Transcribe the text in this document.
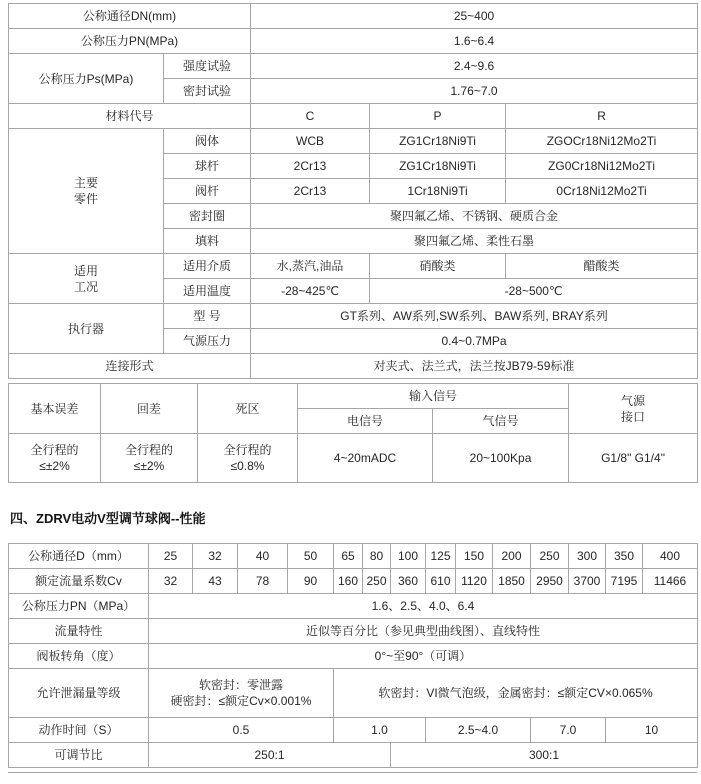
公称通径DN(mm)		25~400		
公称压力PN(MPa)		1.6~6.4		
公称压力Ps(MPa)	强度试验	2.4~9.6		
	密封试验	1.76~7.0		
材料代号		C	P	R

主要
零件	阀体	WCB	ZG1Cr18Ni9Ti	ZGOCr18Ni12Mo2Ti
	球杆	2Cr13	ZG1Cr18Ni9Ti	ZG0Cr18Ni12Mo2Ti
	阀杆	2Cr13	1Cr18Ni9Ti	0Cr18Ni12Mo2Ti
	密封圈	聚四氟乙烯、不锈钢、硬质合金		
	填料	聚四氟乙烯、柔性石墨		

适用
工况	适用介质	水,蒸汽,油品	硝酸类	醋酸类
	适用温度	-28~425℃	-28~500℃	
执行器	型 号	GT系列、AW系列,SW系列、BAW系列, BRAY系列		
	气源压力	0.4~0.7MPa		
连接形式		对夹式、法兰式，法兰按JB79-59标准		
基本误差	回差	死区	输入信号		气源
接口

			电信号	气信号	

全行程的
≤±2%

全行程的
≤±2%

全行程的
≤0.8%
	4~20mADC	20~100Kpa	G1/8" G1/4"
四、ZDRV电动V型调节球阀--性能
公称通径D（mm）	25	32	40	50	65	80	100	125	150	200	250	300	350	400
额定流量系数Cv	32	43	78	90	160	250	360	610	1120	1850	2950	3700	7195	11466
公称压力PN（MPa）	1.6、2.5、4.0、6.4													
流量特性	近似等百分比（参见典型曲线图）、直线特性													
阀板转角（度）	0°~至90°（可调）													
允许泄漏量等级	软密封：零泄露
硬密封：≤额定Cv×0.001%				软密封：VI微气泡级，金属密封：≤额定CV×0.065%									
动作时间（S）	0.5				1.0			2.5~4.0			7.0		10	
可调节比	250:1						300:1							
